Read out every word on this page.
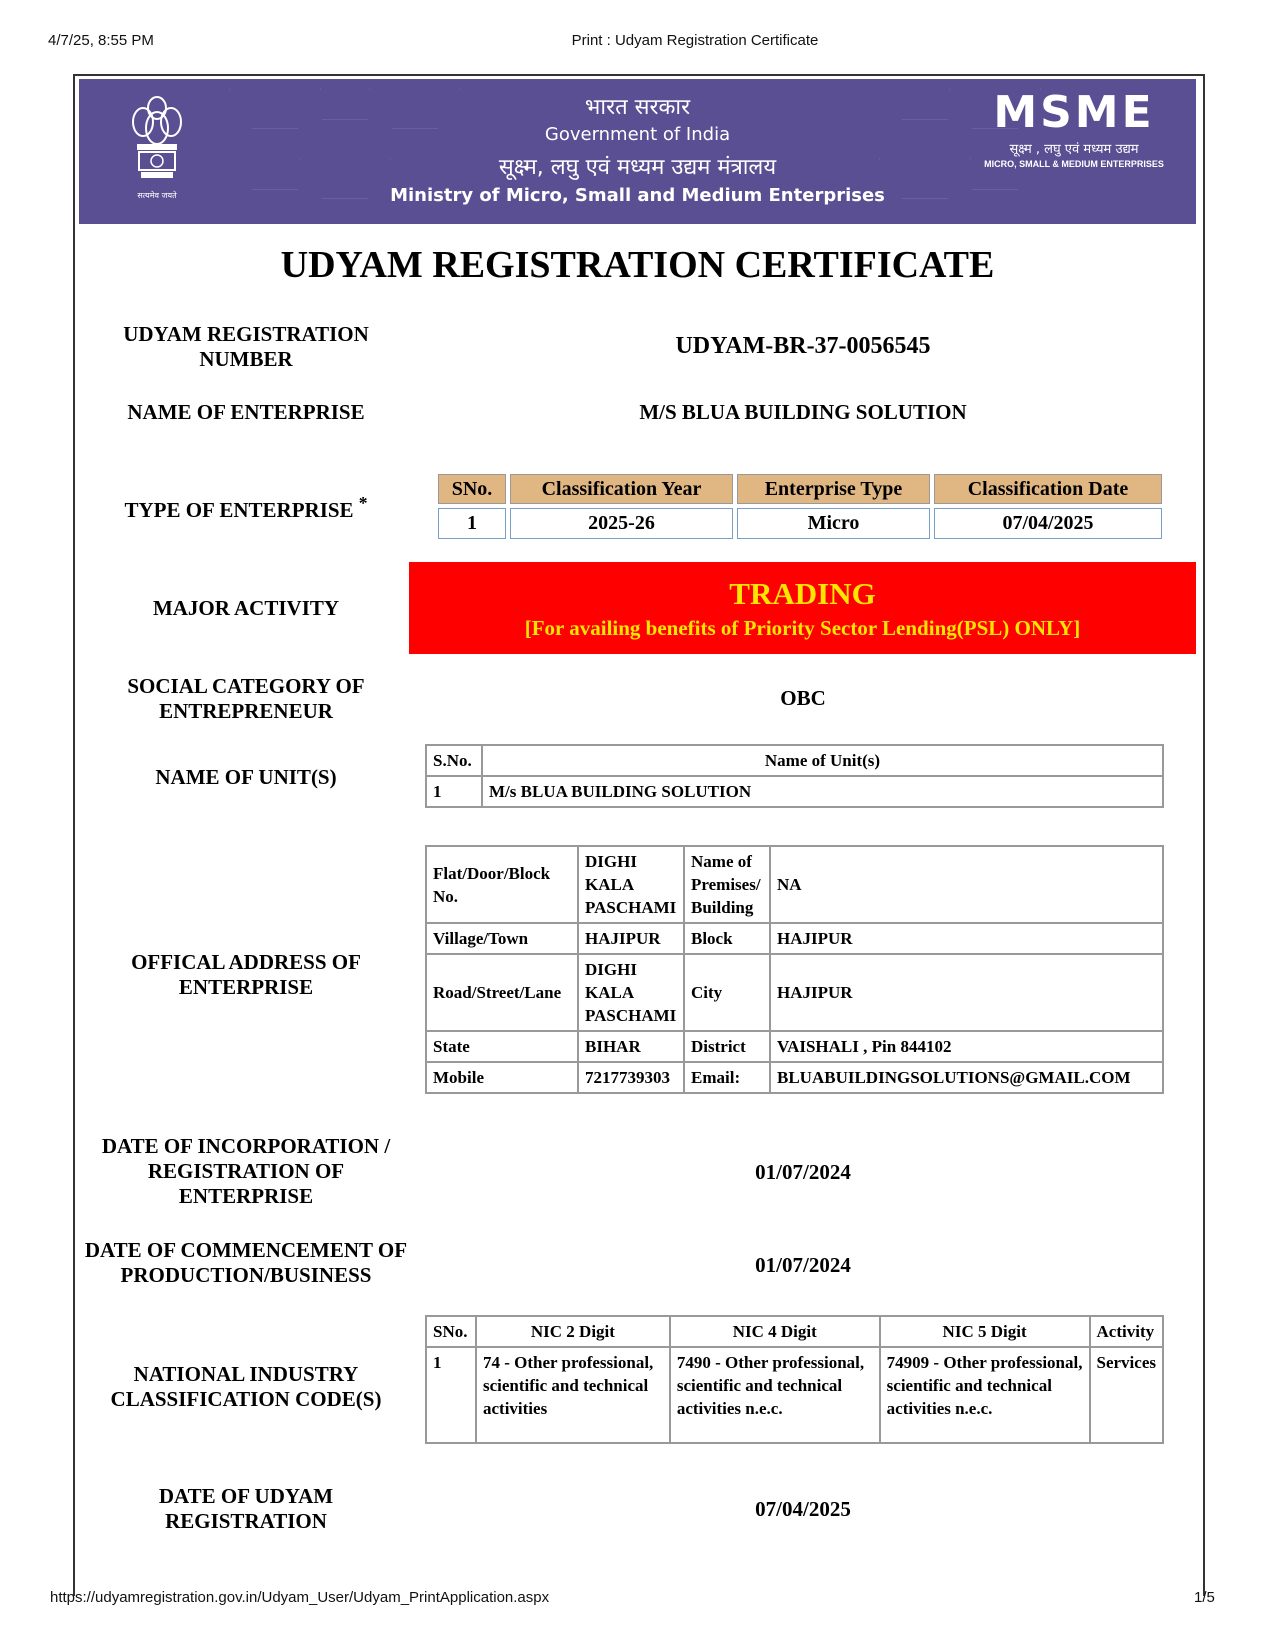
4/7/25, 8:55 PM	Print : Udyam Registration Certificate
सत्यमेव जयते
भारत सरकार
Government of India
सूक्ष्म, लघु एवं मध्यम उद्यम मंत्रालय
Ministry of Micro, Small and Medium Enterprises
MSME
सूक्ष्म , लघु एवं मध्यम उद्यम
MICRO, SMALL & MEDIUM ENTERPRISES
UDYAM REGISTRATION CERTIFICATE
UDYAM REGISTRATION NUMBER	UDYAM-BR-37-0056545
NAME OF ENTERPRISE	M/S BLUA BUILDING SOLUTION
TYPE OF ENTERPRISE *
SNo.	Classification Year	Enterprise Type	Classification Date
1	2025-26	Micro	07/04/2025
MAJOR ACTIVITY	TRADING
[For availing benefits of Priority Sector Lending(PSL) ONLY]
SOCIAL CATEGORY OF ENTREPRENEUR
OBC
NAME OF UNIT(S)
S.No.	Name of Unit(s)
1	M/s BLUA BUILDING SOLUTION
OFFICAL ADDRESS OF ENTERPRISE
Flat/Door/Block No.	DIGHI KALA PASCHAMI	Name of Premises/ Building	NA
Village/Town	HAJIPUR	Block	HAJIPUR
Road/Street/Lane	DIGHI KALA PASCHAMI	City	HAJIPUR
State	BIHAR	District	VAISHALI , Pin 844102
Mobile	7217739303	Email:	BLUABUILDINGSOLUTIONS@GMAIL.COM
DATE OF INCORPORATION / REGISTRATION OF ENTERPRISE
01/07/2024
DATE OF COMMENCEMENT OF PRODUCTION/BUSINESS	01/07/2024
NATIONAL INDUSTRY CLASSIFICATION CODE(S)
SNo.	NIC 2 Digit	NIC 4 Digit	NIC 5 Digit	Activity
1	74 - Other professional, scientific and technical activities	7490 - Other professional, scientific and technical activities n.e.c.	74909 - Other professional, scientific and technical activities n.e.c.	Services
DATE OF UDYAM REGISTRATION	07/04/2025
https://udyamregistration.gov.in/Udyam_User/Udyam_PrintApplication.aspx	1/5
